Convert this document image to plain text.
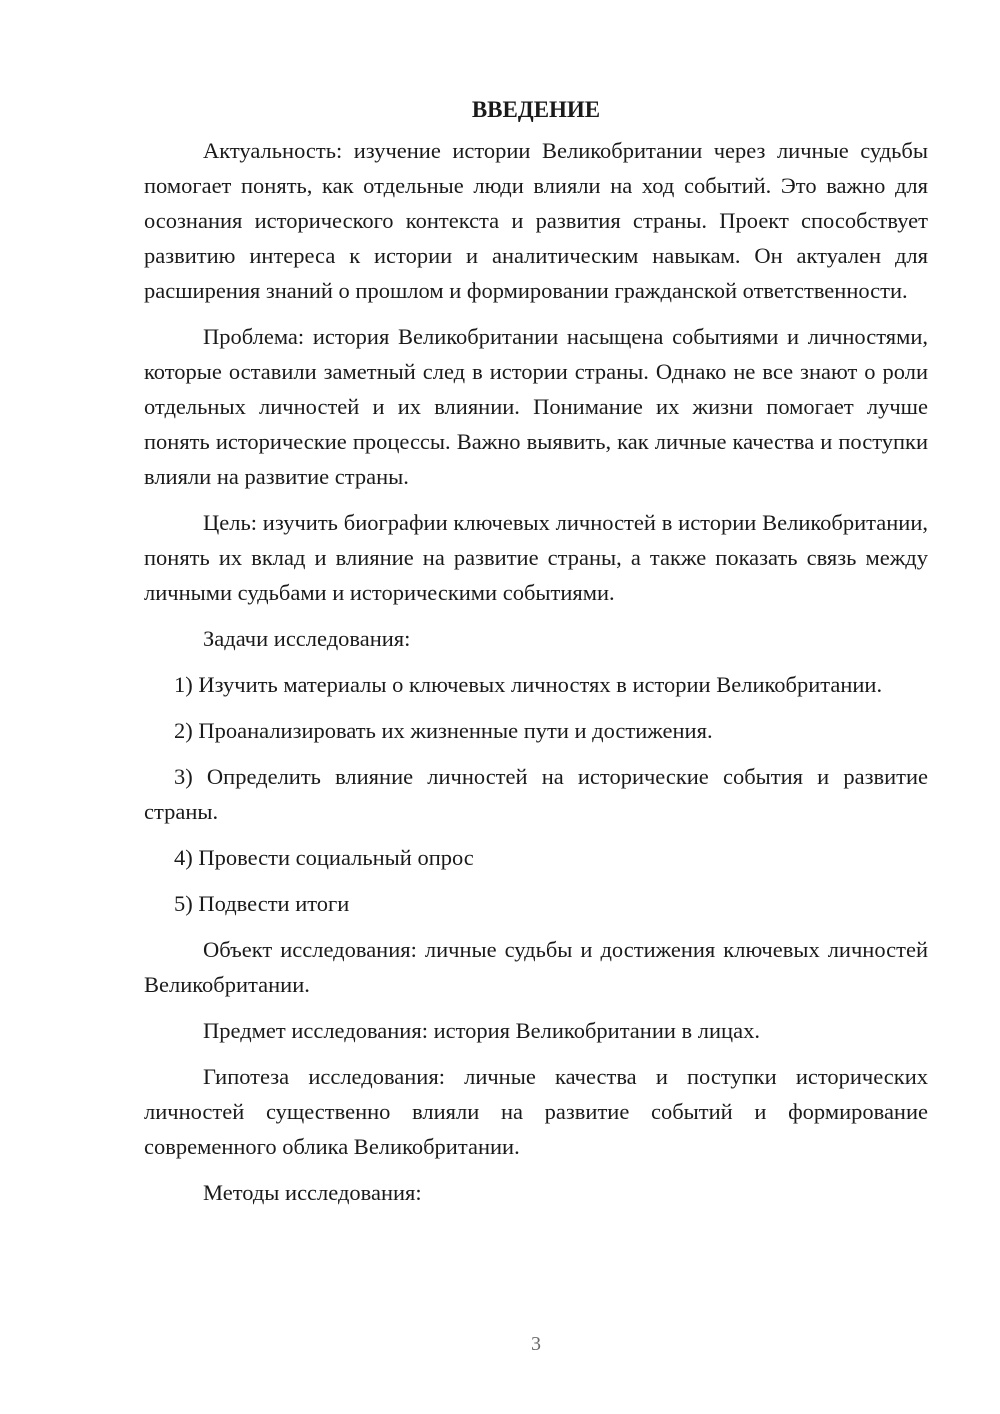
ВВЕДЕНИЕ

Актуальность: изучение истории Великобритании через личные судьбы помогает понять, как отдельные люди влияли на ход событий. Это важно для осознания исторического контекста и развития страны. Проект способствует развитию интереса к истории и аналитическим навыкам. Он актуален для расширения знаний о прошлом и формировании гражданской ответственности.

Проблема: история Великобритании насыщена событиями и личностями, которые оставили заметный след в истории страны. Однако не все знают о роли отдельных личностей и их влиянии. Понимание их жизни помогает лучше понять исторические процессы. Важно выявить, как личные качества и поступки влияли на развитие страны.

Цель: изучить биографии ключевых личностей в истории Великобритании, понять их вклад и влияние на развитие страны, а также показать связь между личными судьбами и историческими событиями.

Задачи исследования:

1) Изучить материалы о ключевых личностях в истории Великобритании.

2) Проанализировать их жизненные пути и достижения.

3) Определить влияние личностей на исторические события и развитие страны.

4) Провести социальный опрос

5) Подвести итоги

Объект исследования: личные судьбы и достижения ключевых личностей Великобритании.

Предмет исследования: история Великобритании в лицах.

Гипотеза исследования: личные качества и поступки исторических личностей существенно влияли на развитие событий и формирование современного облика Великобритании.

Методы исследования:

3
